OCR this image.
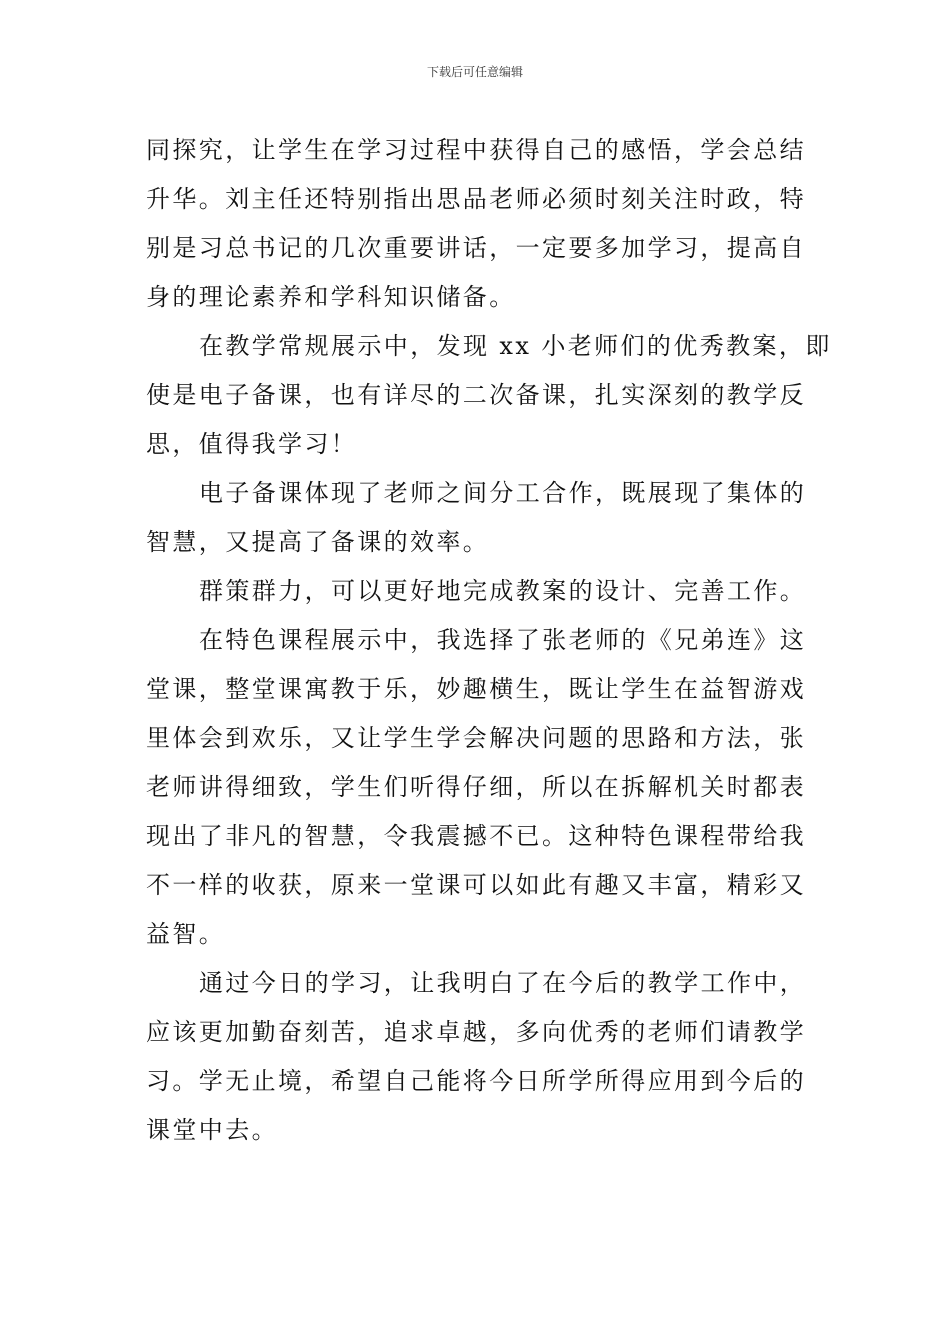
下载后可任意编辑

同探究，让学生在学习过程中获得自己的感悟，学会总结
升华。刘主任还特别指出思品老师必须时刻关注时政，特
别是习总书记的几次重要讲话，一定要多加学习，提高自
身的理论素养和学科知识储备。

在教学常规展示中，发现 xx 小老师们的优秀教案，即
使是电子备课，也有详尽的二次备课，扎实深刻的教学反
思，值得我学习！

电子备课体现了老师之间分工合作，既展现了集体的
智慧，又提高了备课的效率。

群策群力，可以更好地完成教案的设计、完善工作。

在特色课程展示中，我选择了张老师的《兄弟连》这
堂课，整堂课寓教于乐，妙趣横生，既让学生在益智游戏
里体会到欢乐，又让学生学会解决问题的思路和方法，张
老师讲得细致，学生们听得仔细，所以在拆解机关时都表
现出了非凡的智慧，令我震撼不已。这种特色课程带给我
不一样的收获，原来一堂课可以如此有趣又丰富，精彩又
益智。

通过今日的学习，让我明白了在今后的教学工作中，
应该更加勤奋刻苦，追求卓越，多向优秀的老师们请教学
习。学无止境，希望自己能将今日所学所得应用到今后的
课堂中去。
